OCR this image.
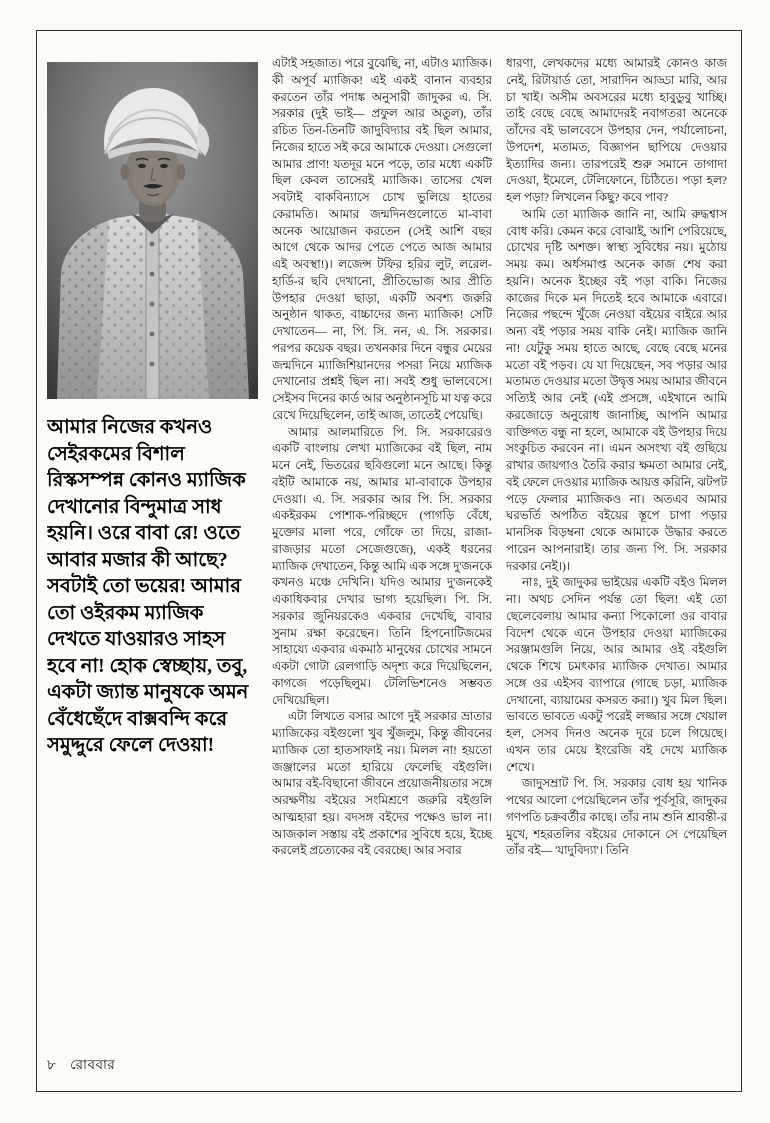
আমার নিজের কখনও সেইরকমের বিশাল রিস্কসম্পন্ন কোনও ম্যাজিক দেখানোর বিন্দুমাত্র সাধ হয়নি। ওরে বাবা রে! ওতে আবার মজার কী আছে? সবটাই তো ভয়ের! আমার তো ওইরকম ম্যাজিক দেখতে যাওয়ারও সাহস হবে না! হোক স্বেচ্ছায়, তবু, একটা জ্যান্ত মানুষকে অমন বেঁধেছেঁদে বাক্সবন্দি করে সমুদ্দুরে ফেলে দেওয়া!

এটাই সহজাত। পরে বুঝেছি, না, এটাও ম্যাজিক। কী অপূর্ব ম্যাজিক! এই একই বানান ব্যবহার করতেন তাঁর পদাঙ্ক অনুসারী জাদুকর এ. সি. সরকার (দুই ভাই— প্রফুল আর অতুল), তাঁর রচিত তিন-তিনটি জাদুবিদ্যার বই ছিল আমার, নিজের হাতে সই করে আমাকে দেওয়া। সেগুলো আমার প্রাণ! যতদূর মনে পড়ে, তার মধ্যে একটি ছিল কেবল তাসেরই ম্যাজিক। তাসের খেল সবটাই বাকবিন্যাসে চোখ ভুলিয়ে হাতের কেরামতি। আমার জন্মদিনগুলোতে মা-বাবা অনেক আয়োজন করতেন (সেই আশি বছর আগে থেকে আদর পেতে পেতে আজ আমার এই অবস্থা!)। লজেন্স টফির হরির লুট, লরেল-হার্ডি-র ছবি দেখানো, প্রীতিভোজ আর প্রীতি উপহার দেওয়া ছাড়া, একটি অবশ্য জরুরি অনুষ্ঠান থাকত, বাচ্চাদের জন্য ম্যাজিক! সেটি দেখাতেন— না, পি. সি. নন, এ. সি. সরকার। পরপর কয়েক বছর। তখনকার দিনে বন্ধুর মেয়ের জন্মদিনে ম্যাজিশিয়ানদের পসরা নিয়ে ম্যাজিক দেখানোর প্রশ্নই ছিল না। সবই শুধু ভালবেসে। সেইসব দিনের কার্ড আর অনুষ্ঠানসূচি মা যত্ন করে রেখে দিয়েছিলেন, তাই আজ, তাতেই পেয়েছি।

আমার আলমারিতে পি. সি. সরকারেরও একটি বাংলায় লেখা ম্যাজিকের বই ছিল, নাম মনে নেই, ভিতরের ছবিগুলো মনে আছে। কিন্তু বইটি আমাকে নয়, আমার মা-বাবাকে উপহার দেওয়া। এ. সি. সরকার আর পি. সি. সরকার একইরকম পোশাক-পরিচ্ছদে (পাগড়ি বেঁধে, মুক্তোর মালা পরে, গোঁফে তা দিয়ে, রাজা-রাজড়ার মতো সেজেগুজে), একই ধরনের ম্যাজিক দেখাতেন, কিন্তু আমি এক সঙ্গে দু'জনকে কখনও মঞ্চে দেখিনি। যদিও আমার দু'জনকেই একাধিকবার দেখার ভাগ্য হয়েছিল। পি. সি. সরকার জুনিয়রকেও একবার দেখেছি, বাবার সুনাম রক্ষা করেছেন। তিনি হিপনোটিজমের সাহায্যে একবার একমাঠ মানুষের চোখের সামনে একটা গোটা রেলগাড়ি অদৃশ্য করে দিয়েছিলেন, কাগজে পড়েছিলুম। টেলিভিশনেও সম্ভবত দেখিয়েছিল।

এটা লিখতে বসার আগে দুই সরকার ভ্রাতার ম্যাজিকের বইগুলো খুব খুঁজলুম, কিন্তু জীবনের ম্যাজিক তো হাতসাফাই নয়। মিলল না! হয়তো জঞ্জালের মতো হারিয়ে ফেলেছি বইগুলি। আমার বই-বিছানো জীবনে প্রয়োজনীয়তার সঙ্গে অরক্ষণীয় বইয়ের সংমিশ্রণে জরুরি বইগুলি আত্মহারা হয়। বদসঙ্গ বইদের পক্ষেও ভাল না। আজকাল সস্তায় বই প্রকাশের সুবিধে হয়ে, ইচ্ছে করলেই প্রত্যেকের বই বেরচ্ছে। আর সবার

ধারণা, লেখকদের মধ্যে আমারই কোনও কাজ নেই, রিটায়ার্ড তো, সারাদিন আড্ডা মারি, আর চা খাই। অসীম অবসরের মধ্যে হাবুডুবু খাচ্ছি। তাই বেছে বেছে আমাদেরই নবাগতরা অনেকে তাঁদের বই ভালবেসে উপহার দেন, পর্যালোচনা, উপদেশ, মতামত, বিজ্ঞাপন ছাপিয়ে দেওয়ার ইত্যাদির জন্য। তারপরেই শুরু সমানে তাগাদা দেওয়া, ইমেলে, টেলিফোনে, চিঠিতে। পড়া হল? হল পড়া? লিখলেন কিছু? কবে পাব?

আমি তো ম্যাজিক জানি না, আমি রুদ্ধশ্বাস বোধ করি। কেমন করে বোঝাই, আশি পেরিয়েছে, চোখের দৃষ্টি অশক্ত। স্বাস্থ্য সুবিধের নয়। মুঠোয় সময় কম। অর্ধসমাপ্ত অনেক কাজ শেষ করা হয়নি। অনেক ইচ্ছের বই পড়া বাকি। নিজের কাজের দিকে মন দিতেই হবে আমাকে এবারে। নিজের পছন্দে খুঁজে নেওয়া বইয়ের বাইরে আর অন্য বই পড়ার সময় বাকি নেই। ম্যাজিক জানি না! যেটুকু সময় হাতে আছে, বেছে বেছে মনের মতো বই পড়ব। যে যা দিয়েছেন, সব পড়ার আর মতামত দেওয়ার মতো উদ্বৃত্ত সময় আমার জীবনে সত্যিই আর নেই (এই প্রসঙ্গে, এইখানে আমি করজোড়ে অনুরোধ জানাচ্ছি, আপনি আমার ব্যক্তিগত বন্ধু না হলে, আমাকে বই উপহার দিয়ে সংকুচিত করবেন না। এমন অসংখ্য বই গুছিয়ে রাখার জায়গাও তৈরি করার ক্ষমতা আমার নেই, বই ফেলে দেওয়ার ম্যাজিক আয়ত্ত করিনি, ঝটপট পড়ে ফেলার ম্যাজিকও না। অতএব আমার ঘরভর্তি অপঠিত বইয়ের স্তূপে চাপা পড়ার মানসিক বিড়ম্বনা থেকে আমাকে উদ্ধার করতে পারেন আপনারাই। তার জন্য পি. সি. সরকার দরকার নেই।)।

নাঃ, দুই জাদুকর ভাইয়ের একটি বইও মিলল না। অথচ সেদিন পর্যন্ত তো ছিল! এই তো ছেলেবেলায় আমার কন্যা পিকোলো ওর বাবার বিদেশ থেকে এনে উপহার দেওয়া ম্যাজিকের সরঞ্জামগুলি নিয়ে, আর আমার ওই বইগুলি থেকে শিখে চমৎকার ম্যাজিক দেখাত। আমার সঙ্গে ওর এইসব ব্যাপারে (গাছে চড়া, ম্যাজিক দেখানো, ব্যায়ামের কসরত করা।) খুব মিল ছিল। ভাবতে ভাবতে একটু পরেই লজ্জার সঙ্গে খেয়াল হল, সেসব দিনও অনেক দূরে চলে গিয়েছে। এখন তার মেয়ে ইংরেজি বই দেখে ম্যাজিক শেখে।

জাদুসম্রাট পি. সি. সরকার বোধ হয় খানিক পথের আলো পেয়েছিলেন তাঁর পূর্বসূরি, জাদুকর গণপতি চক্রবর্তীর কাছে। তাঁর নাম শুনি শ্রাবন্তী-র মুখে, শহরতলির বইয়ের দোকানে সে পেয়েছিল তাঁর বই— 'যাদুবিদ্যা'। তিনি

৮ রোববার
